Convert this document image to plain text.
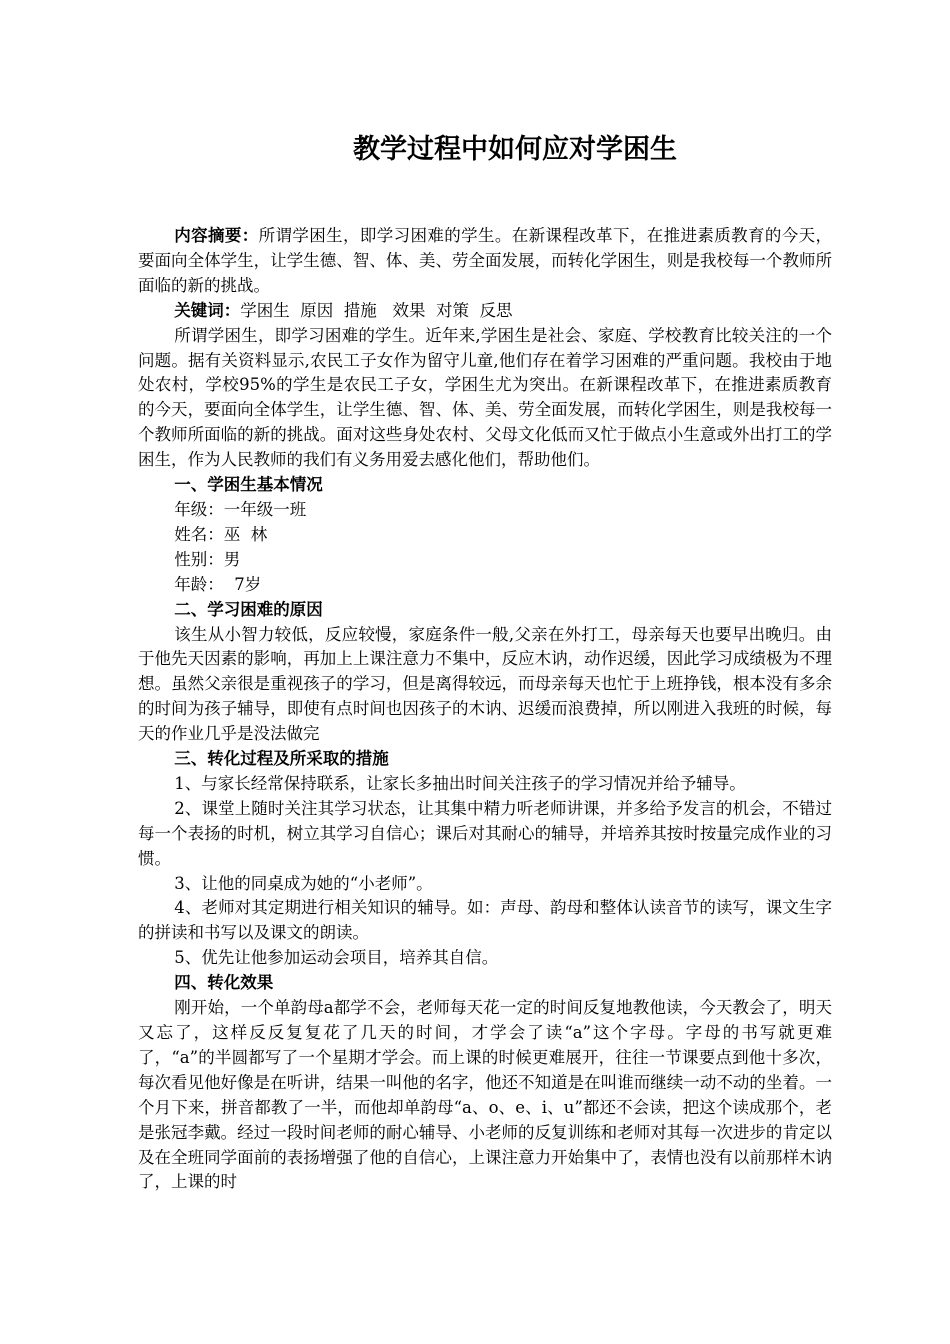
教学过程中如何应对学困生

内容摘要：所谓学困生，即学习困难的学生。在新课程改革下，在推进素质教育的今天，要面向全体学生，让学生德、智、体、美、劳全面发展，而转化学困生，则是我校每一个教师所面临的新的挑战。

关键词：学困生  原因  措施   效果  对策  反思

所谓学困生，即学习困难的学生。近年来,学困生是社会、家庭、学校教育比较关注的一个问题。据有关资料显示,农民工子女作为留守儿童,他们存在着学习困难的严重问题。我校由于地处农村，学校95%的学生是农民工子女，学困生尤为突出。在新课程改革下，在推进素质教育的今天，要面向全体学生，让学生德、智、体、美、劳全面发展，而转化学困生，则是我校每一个教师所面临的新的挑战。面对这些身处农村、父母文化低而又忙于做点小生意或外出打工的学困生，作为人民教师的我们有义务用爱去感化他们，帮助他们。

一、学困生基本情况

年级：一年级一班

姓名：巫  林

性别：男

年龄：  7岁

二、学习困难的原因

该生从小智力较低，反应较慢，家庭条件一般,父亲在外打工，母亲每天也要早出晚归。由于他先天因素的影响，再加上上课注意力不集中，反应木讷，动作迟缓，因此学习成绩极为不理想。虽然父亲很是重视孩子的学习，但是离得较远，而母亲每天也忙于上班挣钱，根本没有多余的时间为孩子辅导，即使有点时间也因孩子的木讷、迟缓而浪费掉，所以刚进入我班的时候，每天的作业几乎是没法做完

三、转化过程及所采取的措施

1、与家长经常保持联系，让家长多抽出时间关注孩子的学习情况并给予辅导。

2、课堂上随时关注其学习状态，让其集中精力听老师讲课，并多给予发言的机会，不错过每一个表扬的时机，树立其学习自信心；课后对其耐心的辅导，并培养其按时按量完成作业的习惯。

3、让他的同桌成为她的“小老师”。

4、老师对其定期进行相关知识的辅导。如：声母、韵母和整体认读音节的读写，课文生字的拼读和书写以及课文的朗读。

5、优先让他参加运动会项目，培养其自信。

四、转化效果

刚开始，一个单韵母a都学不会，老师每天花一定的时间反复地教他读，今天教会了，明天又忘了，这样反反复复花了几天的时间，才学会了读“a”这个字母。字母的书写就更难了，“a”的半圆都写了一个星期才学会。而上课的时候更难展开，往往一节课要点到他十多次，每次看见他好像是在听讲，结果一叫他的名字，他还不知道是在叫谁而继续一动不动的坐着。一个月下来，拼音都教了一半，而他却单韵母“a、o、e、i、u”都还不会读，把这个读成那个，老是张冠李戴。经过一段时间老师的耐心辅导、小老师的反复训练和老师对其每一次进步的肯定以及在全班同学面前的表扬增强了他的自信心，上课注意力开始集中了，表情也没有以前那样木讷了，上课的时
